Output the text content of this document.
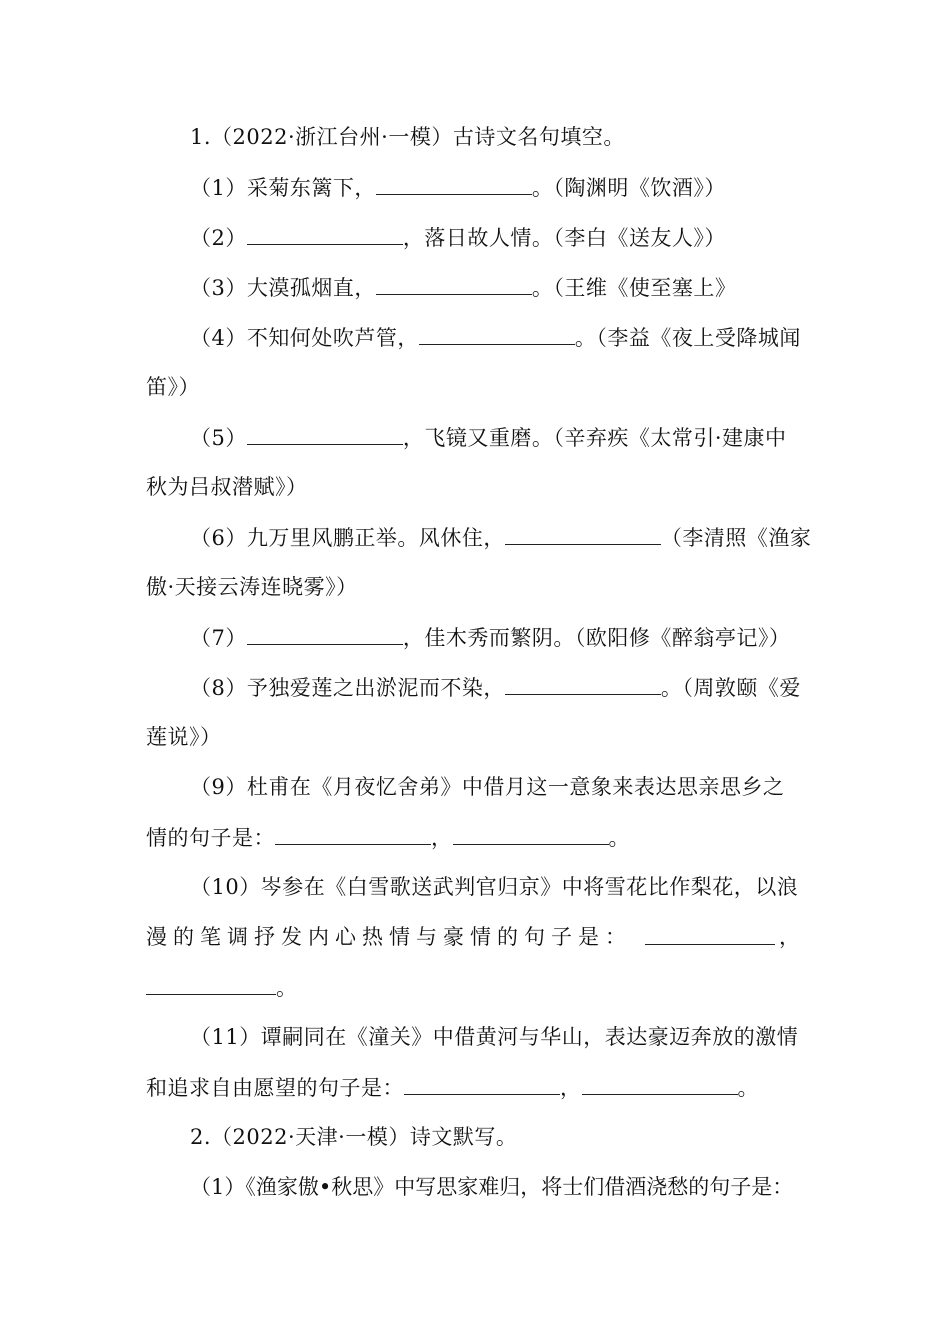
1.（2022·浙江台州·一模）古诗文名句填空。
（1）采菊东篱下，	。（陶渊明《饮酒》）
（2）	，落日故人情。（李白《送友人》）
（3）大漠孤烟直，	。（王维《使至塞上》
（4）不知何处吹芦管，	。（李益《夜上受降城闻
笛》）
（5）	，飞镜又重磨。（辛弃疾《太常引·建康中
秋为吕叔潜赋》）
（6）九万里风鹏正举。风休住，	（李清照《渔家
傲·天接云涛连晓雾》）
（7）	，佳木秀而繁阴。（欧阳修《醉翁亭记》）
（8）予独爱莲之出淤泥而不染，	。（周敦颐《爱
莲说》）
（9）杜甫在《月夜忆舍弟》中借月这一意象来表达思亲思乡之
情的句子是：	，	。
（10）岑参在《白雪歌送武判官归京》中将雪花比作梨花，以浪
漫的笔调抒发内心热情与豪情的句子是：	，
。
（11）谭嗣同在《潼关》中借黄河与华山，表达豪迈奔放的激情
和追求自由愿望的句子是：	，	。
2.（2022·天津·一模）诗文默写。
（1）《渔家傲•秋思》中写思家难归，将士们借酒浇愁的句子是：
